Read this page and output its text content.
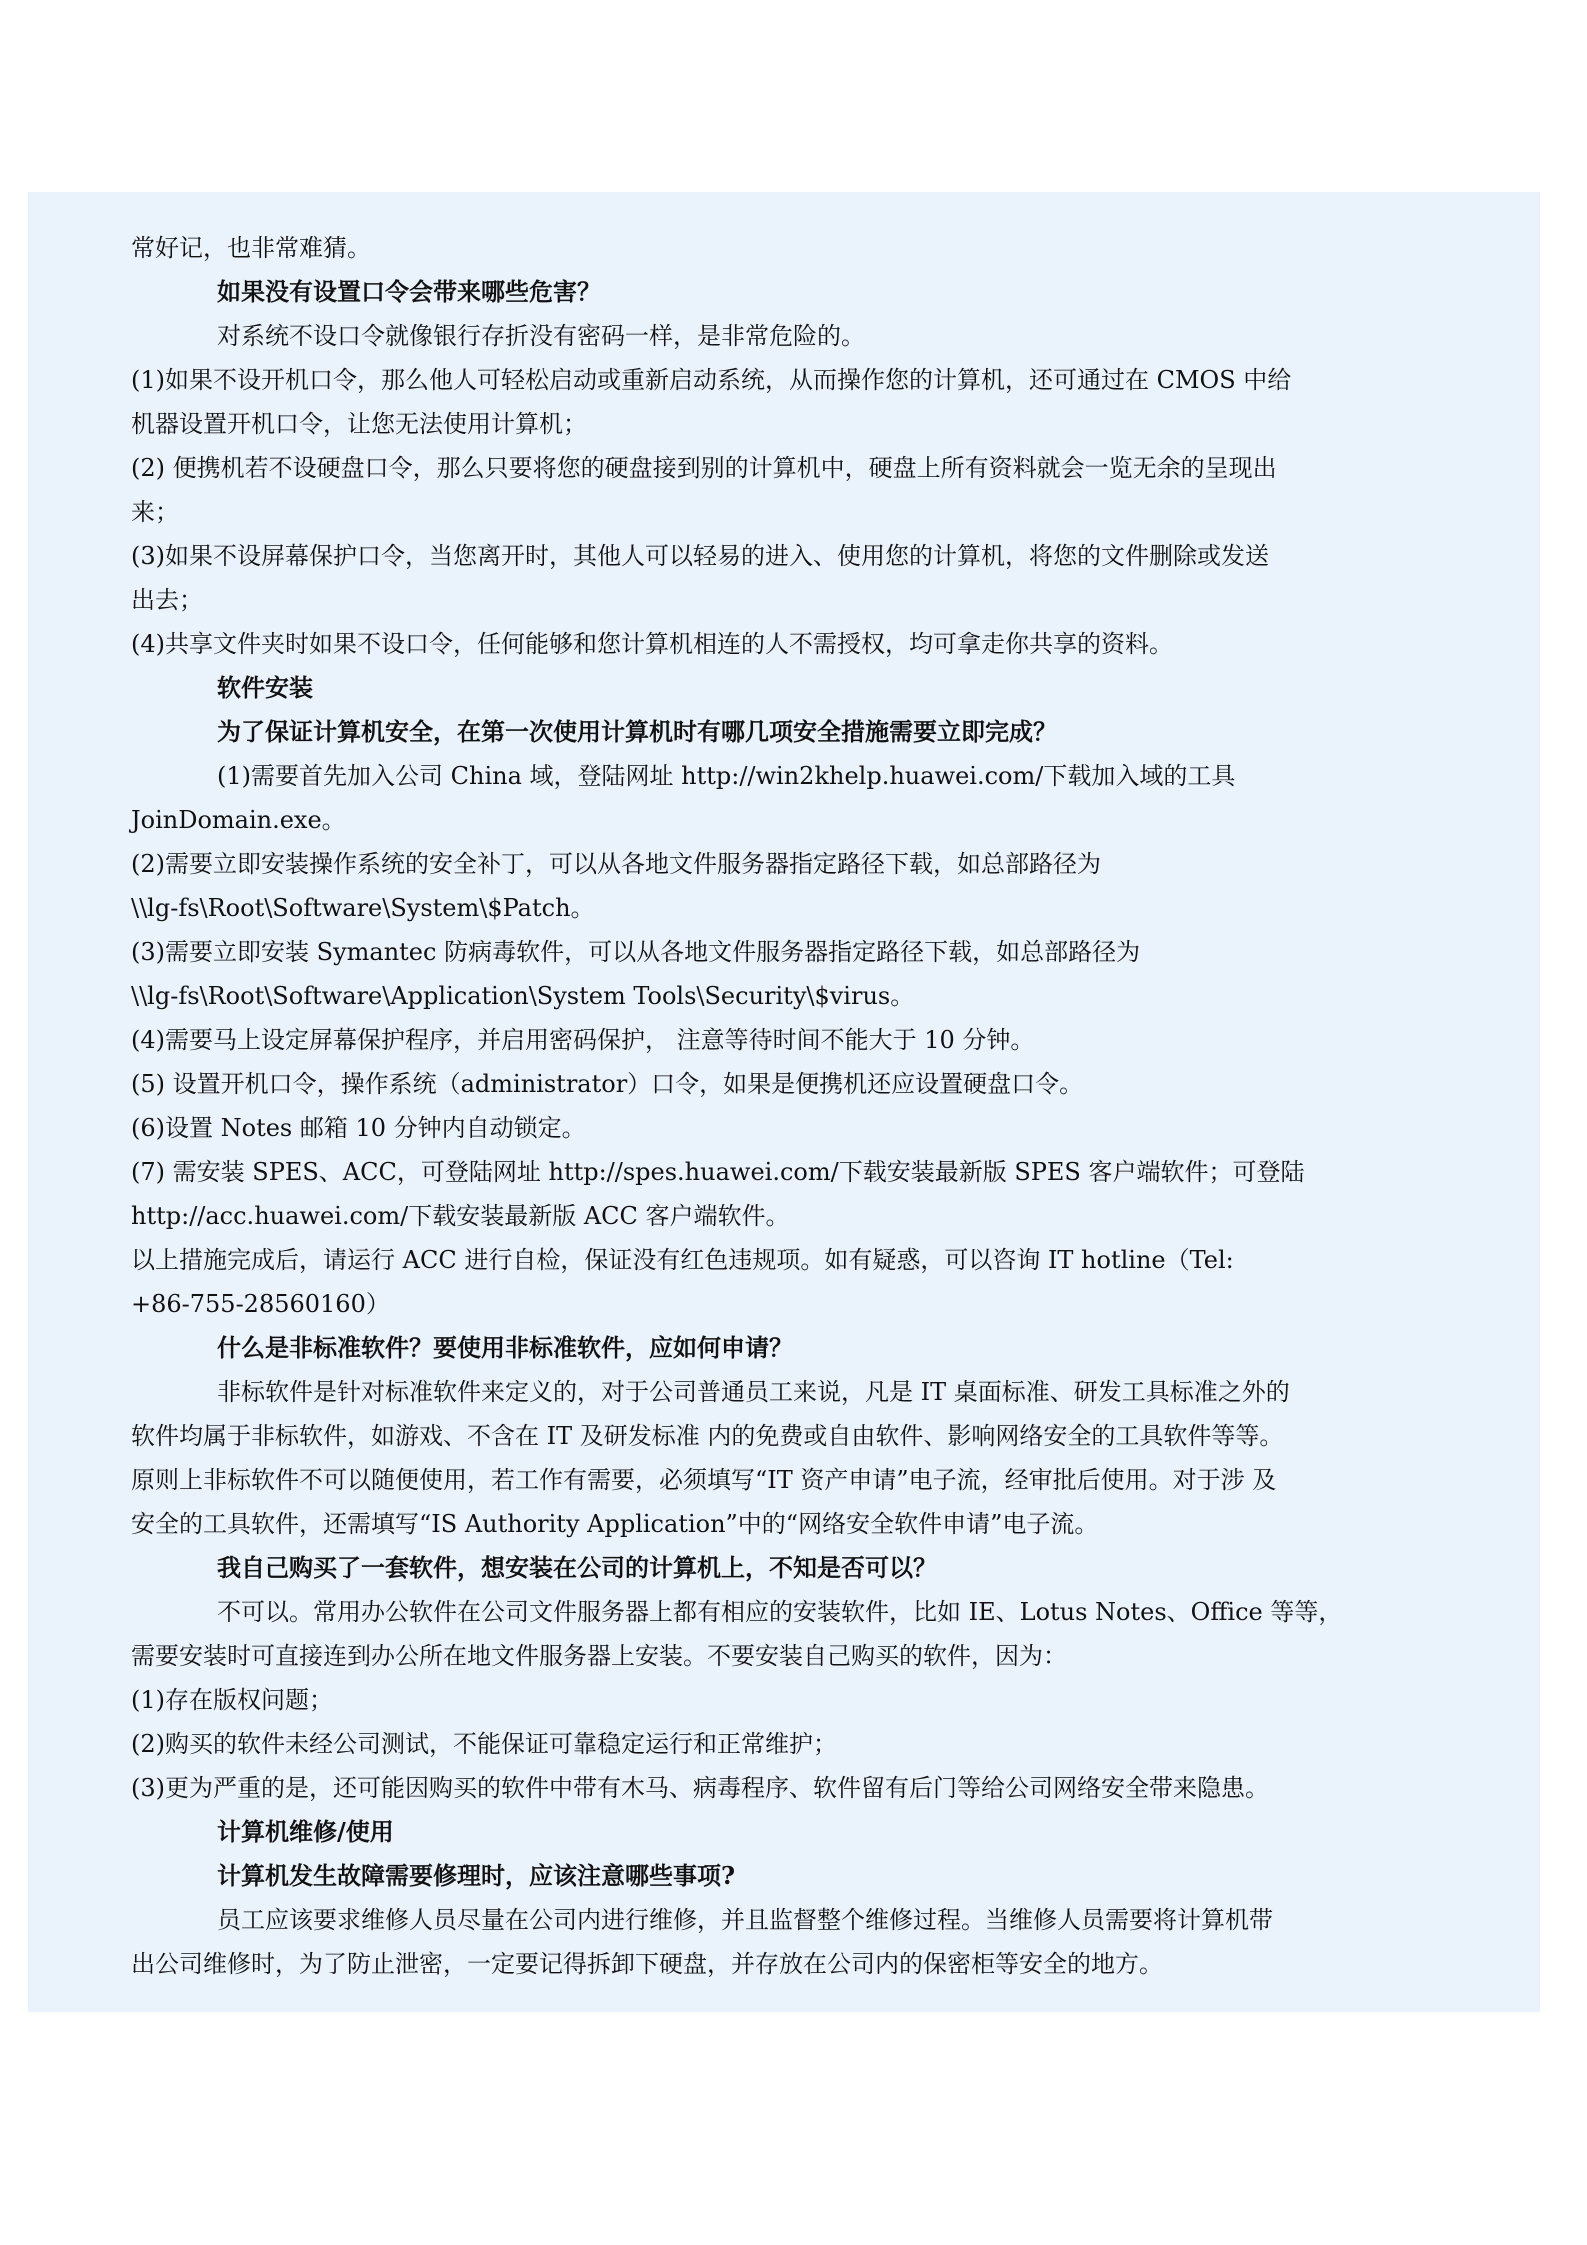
常好记，也非常难猜。
如果没有设置口令会带来哪些危害？
对系统不设口令就像银行存折没有密码一样，是非常危险的。
(1)如果不设开机口令，那么他人可轻松启动或重新启动系统，从而操作您的计算机，还可通过在 CMOS 中给
机器设置开机口令，让您无法使用计算机；
(2) 便携机若不设硬盘口令，那么只要将您的硬盘接到别的计算机中，硬盘上所有资料就会一览无余的呈现出
来；
(3)如果不设屏幕保护口令，当您离开时，其他人可以轻易的进入、使用您的计算机，将您的文件删除或发送
出去；
(4)共享文件夹时如果不设口令，任何能够和您计算机相连的人不需授权，均可拿走你共享的资料。
软件安装
为了保证计算机安全，在第一次使用计算机时有哪几项安全措施需要立即完成？
(1)需要首先加入公司 China 域，登陆网址 http://win2khelp.huawei.com/下载加入域的工具
JoinDomain.exe。
(2)需要立即安装操作系统的安全补丁，可以从各地文件服务器指定路径下载，如总部路径为
\\lg-fs\Root\Software\System\$Patch。
(3)需要立即安装 Symantec 防病毒软件，可以从各地文件服务器指定路径下载，如总部路径为
\\lg-fs\Root\Software\Application\System Tools\Security\$virus。
(4)需要马上设定屏幕保护程序，并启用密码保护， 注意等待时间不能大于 10 分钟。
(5) 设置开机口令，操作系统（administrator）口令，如果是便携机还应设置硬盘口令。
(6)设置 Notes 邮箱 10 分钟内自动锁定。
(7) 需安装 SPES、ACC，可登陆网址 http://spes.huawei.com/下载安装最新版 SPES 客户端软件；可登陆
http://acc.huawei.com/下载安装最新版 ACC 客户端软件。
以上措施完成后，请运行 ACC 进行自检，保证没有红色违规项。如有疑惑，可以咨询 IT hotline（Tel:
+86-755-28560160）
什么是非标准软件？要使用非标准软件，应如何申请？
非标软件是针对标准软件来定义的，对于公司普通员工来说，凡是 IT 桌面标准、研发工具标准之外的
软件均属于非标软件，如游戏、不含在 IT 及研发标准 内的免费或自由软件、影响网络安全的工具软件等等。
原则上非标软件不可以随便使用，若工作有需要，必须填写“IT 资产申请”电子流，经审批后使用。对于涉 及
安全的工具软件，还需填写“IS Authority Application”中的“网络安全软件申请”电子流。
我自己购买了一套软件，想安装在公司的计算机上，不知是否可以？
不可以。常用办公软件在公司文件服务器上都有相应的安装软件，比如 IE、Lotus Notes、Office 等等，
需要安装时可直接连到办公所在地文件服务器上安装。不要安装自己购买的软件，因为：
(1)存在版权问题；
(2)购买的软件未经公司测试，不能保证可靠稳定运行和正常维护；
(3)更为严重的是，还可能因购买的软件中带有木马、病毒程序、软件留有后门等给公司网络安全带来隐患。
计算机维修/使用
计算机发生故障需要修理时，应该注意哪些事项?
员工应该要求维修人员尽量在公司内进行维修，并且监督整个维修过程。当维修人员需要将计算机带
出公司维修时，为了防止泄密，一定要记得拆卸下硬盘，并存放在公司内的保密柜等安全的地方。
